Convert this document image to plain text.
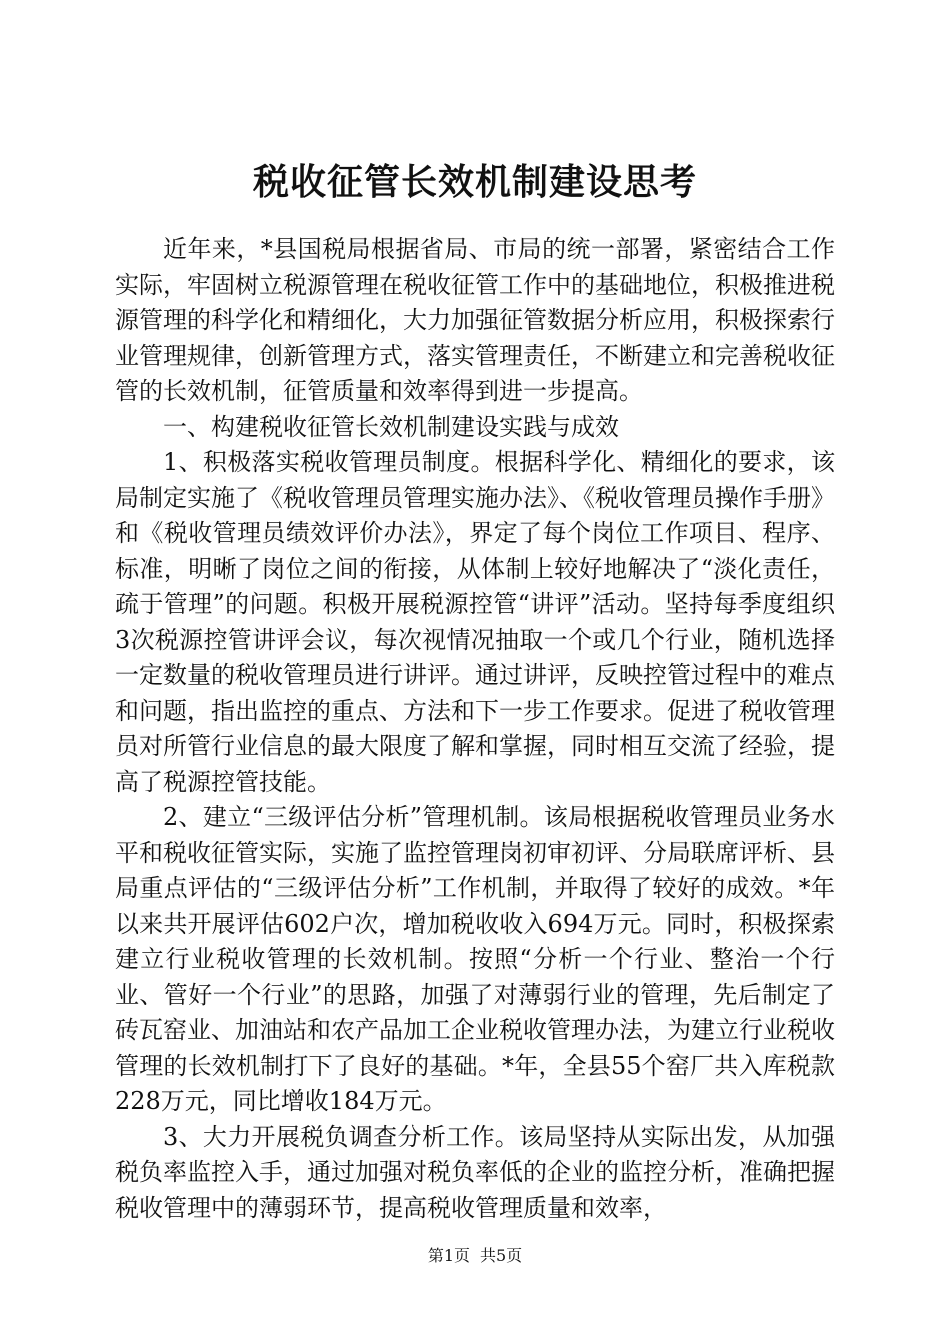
税收征管长效机制建设思考

近年来，*县国税局根据省局、市局的统一部署，紧密结合工作实际，牢固树立税源管理在税收征管工作中的基础地位，积极推进税源管理的科学化和精细化，大力加强征管数据分析应用，积极探索行业管理规律，创新管理方式，落实管理责任，不断建立和完善税收征管的长效机制，征管质量和效率得到进一步提高。

一、构建税收征管长效机制建设实践与成效

1、积极落实税收管理员制度。根据科学化、精细化的要求，该局制定实施了《税收管理员管理实施办法》、《税收管理员操作手册》和《税收管理员绩效评价办法》，界定了每个岗位工作项目、程序、标准，明晰了岗位之间的衔接，从体制上较好地解决了“淡化责任，疏于管理”的问题。积极开展税源控管“讲评”活动。坚持每季度组织3次税源控管讲评会议，每次视情况抽取一个或几个行业，随机选择一定数量的税收管理员进行讲评。通过讲评，反映控管过程中的难点和问题，指出监控的重点、方法和下一步工作要求。促进了税收管理员对所管行业信息的最大限度了解和掌握，同时相互交流了经验，提高了税源控管技能。

2、建立“三级评估分析”管理机制。该局根据税收管理员业务水平和税收征管实际，实施了监控管理岗初审初评、分局联席评析、县局重点评估的“三级评估分析”工作机制，并取得了较好的成效。*年以来共开展评估602户次，增加税收收入694万元。同时，积极探索建立行业税收管理的长效机制。按照“分析一个行业、整治一个行业、管好一个行业”的思路，加强了对薄弱行业的管理，先后制定了砖瓦窑业、加油站和农产品加工企业税收管理办法，为建立行业税收管理的长效机制打下了良好的基础。*年，全县55个窑厂共入库税款228万元，同比增收184万元。

3、大力开展税负调查分析工作。该局坚持从实际出发，从加强税负率监控入手，通过加强对税负率低的企业的监控分析，准确把握税收管理中的薄弱环节，提高税收管理质量和效率，

第1页 共5页
